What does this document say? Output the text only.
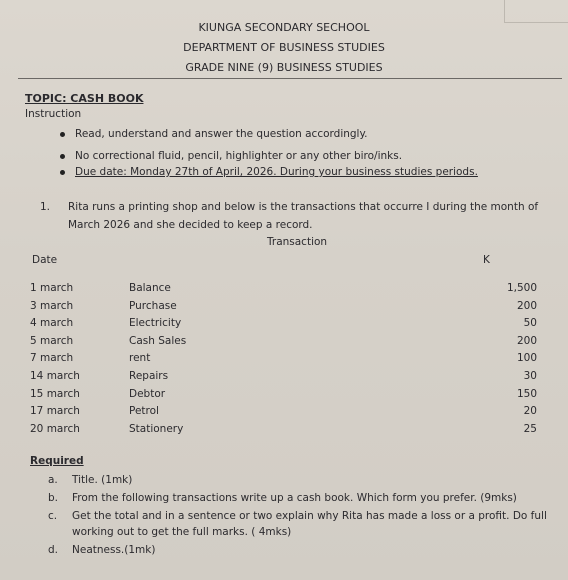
KIUNGA SECONDARY SECHOOL
DEPARTMENT OF BUSINESS STUDIES
GRADE NINE (9) BUSINESS STUDIES
TOPIC: CASH BOOK
Instruction
Read, understand and answer the question accordingly.
No correctional fluid, pencil, highlighter or any other biro/inks.
Due date: Monday 27th of April, 2026. During your business studies periods.
1. Rita runs a printing shop and below is the transactions that occurre I during the month of March 2026 and she decided to keep a record.
Transaction
Date	K
1 march	Balance	1,500
3 march	Purchase	200
4 march	Electricity	50
5 march	Cash Sales	200
7 march	rent	100
14 march	Repairs	30
15 march	Debtor	150
17 march	Petrol	20
20 march	Stationery	25
Required
a. Title. (1mk)
b. From the following transactions write up a cash book. Which form you prefer. (9mks)
c. Get the total and in a sentence or two explain why Rita has made a loss or a profit. Do full working out to get the full marks. ( 4mks)
d. Neatness.(1mk)
